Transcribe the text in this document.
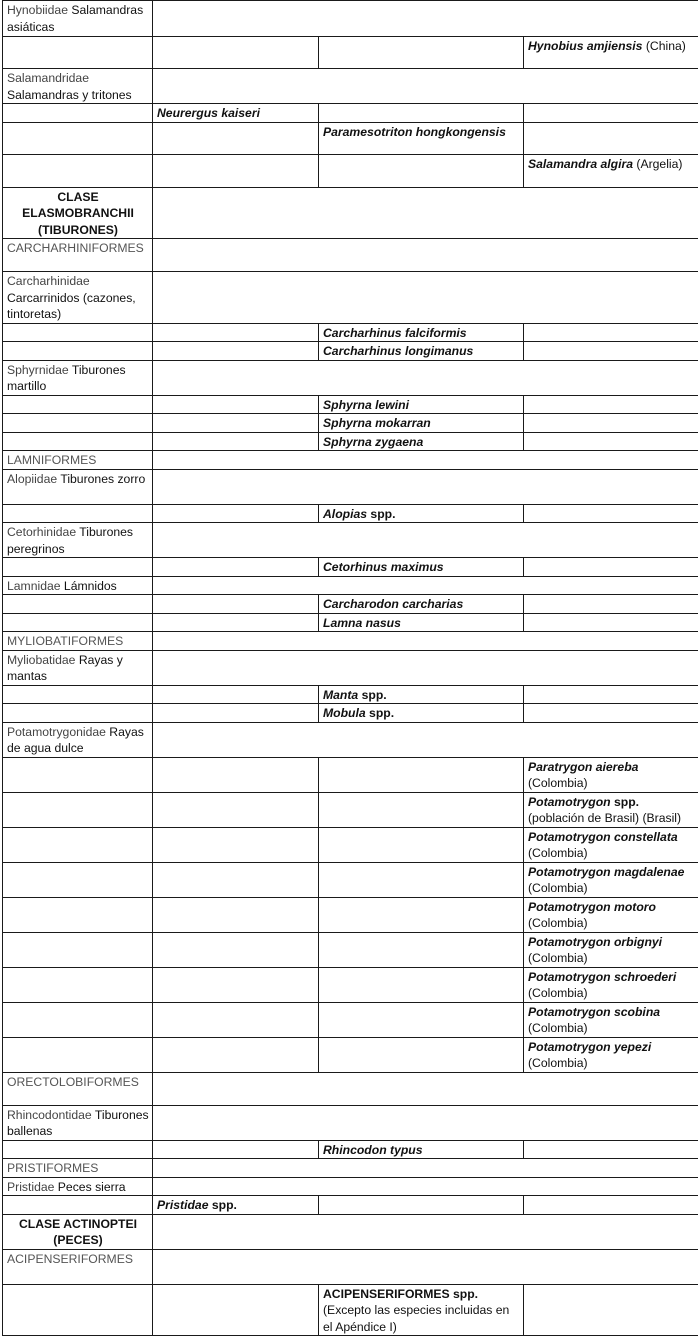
Hynobiidae Salamandras asiáticas			
			Hynobius amjiensis (China)
Salamandridae Salamandras y tritones			
	Neurergus kaiseri		
		Paramesotriton hongkongensis	
			Salamandra algira (Argelia)
CLASE ELASMOBRANCHII (TIBURONES)			
CARCHARHINIFORMES			
Carcharhinidae Carcarrinidos (cazones, tintoretas)			
		Carcharhinus falciformis	
		Carcharhinus longimanus	
Sphyrnidae Tiburones martillo			
		Sphyrna lewini	
		Sphyrna mokarran	
		Sphyrna zygaena	
LAMNIFORMES			
Alopiidae Tiburones zorro			
		Alopias spp.	
Cetorhinidae Tiburones peregrinos			
		Cetorhinus maximus	
Lamnidae Lámnidos			
		Carcharodon carcharias	
		Lamna nasus	
MYLIOBATIFORMES			
Myliobatidae Rayas y mantas			
		Manta spp.	
		Mobula spp.	
Potamotrygonidae Rayas de agua dulce			
			Paratrygon aiereba (Colombia)
			Potamotrygon spp. (población de Brasil) (Brasil)
			Potamotrygon constellata (Colombia)
			Potamotrygon magdalenae (Colombia)
			Potamotrygon motoro (Colombia)
			Potamotrygon orbignyi (Colombia)
			Potamotrygon schroederi (Colombia)
			Potamotrygon scobina (Colombia)
			Potamotrygon yepezi (Colombia)
ORECTOLOBIFORMES			
Rhincodontidae Tiburones ballenas			
		Rhincodon typus	
PRISTIFORMES			
Pristidae Peces sierra			
	Pristidae spp.		
CLASE ACTINOPTEI (PECES)			
ACIPENSERIFORMES			
		ACIPENSERIFORMES spp. (Excepto las especies incluidas en el Apéndice I)	
